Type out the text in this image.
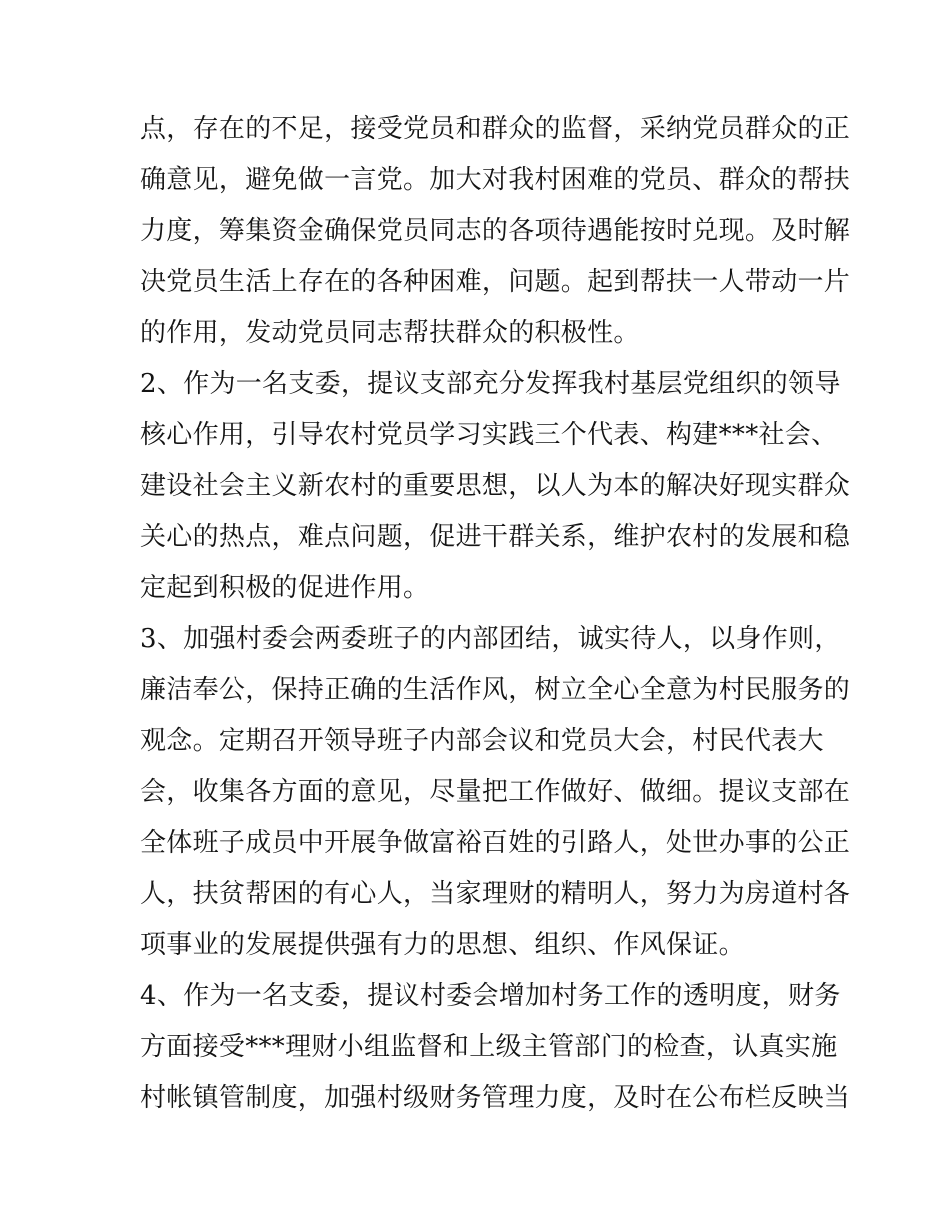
点，存在的不足，接受党员和群众的监督，采纳党员群众的正
确意见，避免做一言党。加大对我村困难的党员、群众的帮扶
力度，筹集资金确保党员同志的各项待遇能按时兑现。及时解
决党员生活上存在的各种困难，问题。起到帮扶一人带动一片
的作用，发动党员同志帮扶群众的积极性。
2、作为一名支委，提议支部充分发挥我村基层党组织的领导
核心作用，引导农村党员学习实践三个代表、构建***社会、
建设社会主义新农村的重要思想，以人为本的解决好现实群众
关心的热点，难点问题，促进干群关系，维护农村的发展和稳
定起到积极的促进作用。
3、加强村委会两委班子的内部团结，诚实待人，以身作则，
廉洁奉公，保持正确的生活作风，树立全心全意为村民服务的
观念。定期召开领导班子内部会议和党员大会，村民代表大
会，收集各方面的意见，尽量把工作做好、做细。提议支部在
全体班子成员中开展争做富裕百姓的引路人，处世办事的公正
人，扶贫帮困的有心人，当家理财的精明人，努力为房道村各
项事业的发展提供强有力的思想、组织、作风保证。
4、作为一名支委，提议村委会增加村务工作的透明度，财务
方面接受***理财小组监督和上级主管部门的检查，认真实施
村帐镇管制度，加强村级财务管理力度，及时在公布栏反映当
